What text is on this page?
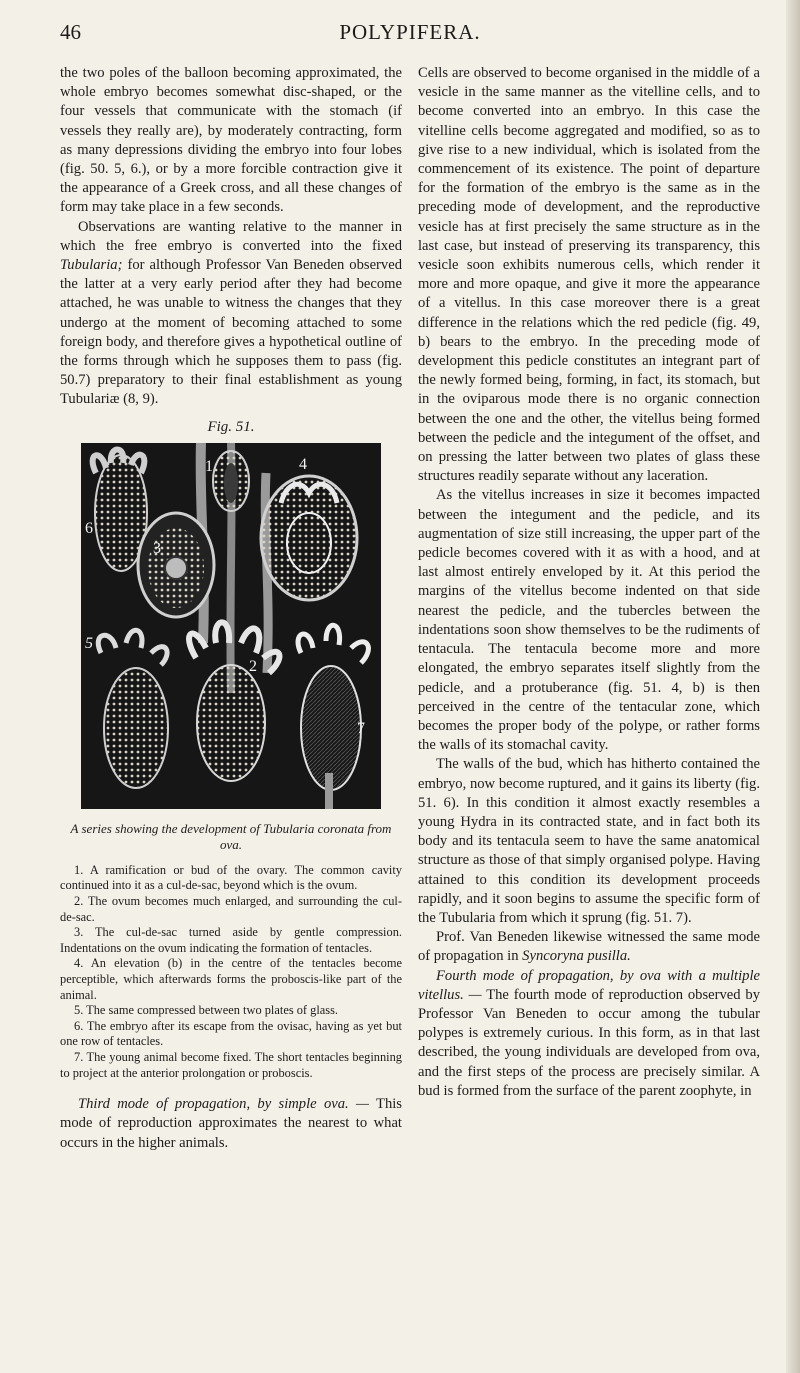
46	POLYPIFERA.

the two poles of the balloon becoming approximated, the whole embryo becomes somewhat disc-shaped, or the four vessels that communicate with the stomach (if vessels they really are), by moderately contracting, form as many depressions dividing the embryo into four lobes (fig. 50. 5, 6.), or by a more forcible contraction give it the appearance of a Greek cross, and all these changes of form may take place in a few seconds.

Observations are wanting relative to the manner in which the free embryo is converted into the fixed Tubularia; for although Professor Van Beneden observed the latter at a very early period after they had become attached, he was unable to witness the changes that they undergo at the moment of becoming attached to some foreign body, and therefore gives a hypothetical outline of the forms through which he supposes them to pass (fig. 50.7) preparatory to their final establishment as young Tubulariæ (8, 9).

Fig. 51.
1
2
3
4
5
6
7
A series showing the development of Tubularia coronata from ova.

1. A ramification or bud of the ovary. The common cavity continued into it as a cul-de-sac, beyond which is the ovum.

2. The ovum becomes much enlarged, and surrounding the cul-de-sac.

3. The cul-de-sac turned aside by gentle compression. Indentations on the ovum indicating the formation of tentacles.

4. An elevation (b) in the centre of the tentacles become perceptible, which afterwards forms the proboscis-like part of the animal.

5. The same compressed between two plates of glass.

6. The embryo after its escape from the ovisac, having as yet but one row of tentacles.

7. The young animal become fixed. The short tentacles beginning to project at the anterior prolongation or proboscis.

Third mode of propagation, by simple ova. — This mode of reproduction approximates the nearest to what occurs in the higher animals.

Cells are observed to become organised in the middle of a vesicle in the same manner as the vitelline cells, and to become converted into an embryo. In this case the vitelline cells become aggregated and modified, so as to give rise to a new individual, which is isolated from the commencement of its existence. The point of departure for the formation of the embryo is the same as in the preceding mode of development, and the reproductive vesicle has at first precisely the same structure as in the last case, but instead of preserving its transparency, this vesicle soon exhibits numerous cells, which render it more and more opaque, and give it more the appearance of a vitellus. In this case moreover there is a great difference in the relations which the red pedicle (fig. 49, b) bears to the embryo. In the preceding mode of development this pedicle constitutes an integrant part of the newly formed being, forming, in fact, its stomach, but in the oviparous mode there is no organic connection between the one and the other, the vitellus being formed between the pedicle and the integument of the offset, and on pressing the latter between two plates of glass these structures readily separate without any laceration.

As the vitellus increases in size it becomes impacted between the integument and the pedicle, and its augmentation of size still increasing, the upper part of the pedicle becomes covered with it as with a hood, and at last almost entirely enveloped by it. At this period the margins of the vitellus become indented on that side nearest the pedicle, and the tubercles between the indentations soon show themselves to be the rudiments of tentacula. The tentacula become more and more elongated, the embryo separates itself slightly from the pedicle, and a protuberance (fig. 51. 4, b) is then perceived in the centre of the tentacular zone, which becomes the proper body of the polype, or rather forms the walls of its stomachal cavity.

The walls of the bud, which has hitherto contained the embryo, now become ruptured, and it gains its liberty (fig. 51. 6). In this condition it almost exactly resembles a young Hydra in its contracted state, and in fact both its body and its tentacula seem to have the same anatomical structure as those of that simply organised polype. Having attained to this condition its development proceeds rapidly, and it soon begins to assume the specific form of the Tubularia from which it sprung (fig. 51. 7).

Prof. Van Beneden likewise witnessed the same mode of propagation in Syncoryna pusilla.

Fourth mode of propagation, by ova with a multiple vitellus. — The fourth mode of reproduction observed by Professor Van Beneden to occur among the tubular polypes is extremely curious. In this form, as in that last described, the young individuals are developed from ova, and the first steps of the process are precisely similar. A bud is formed from the surface of the parent zoophyte, in
